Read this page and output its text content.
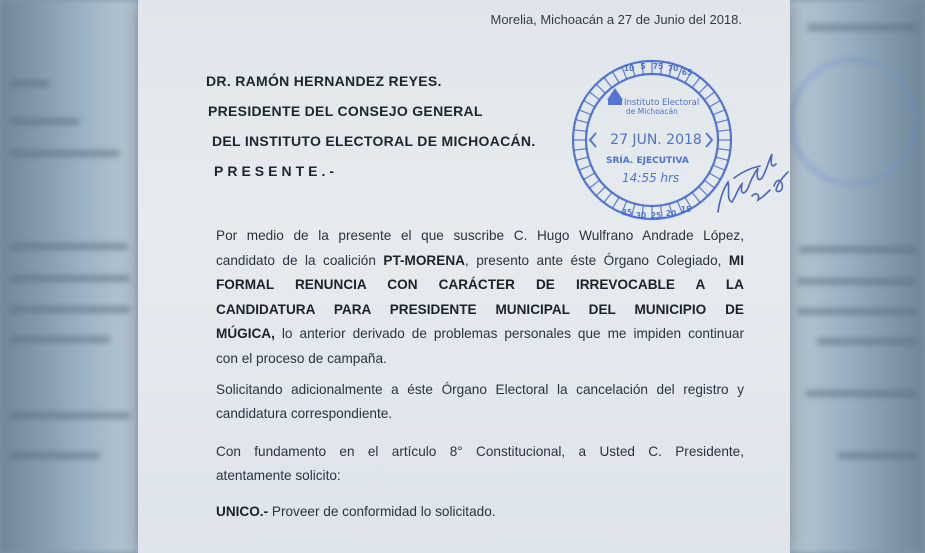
Morelia, Michoacán a 27 de Junio del 2018.
DR. RAMÓN HERNANDEZ REYES.
PRESIDENTE DEL CONSEJO GENERAL
DEL INSTITUTO ELECTORAL DE MICHOACÁN.
PRESENTE.-
10 5 75 70 65
35 30 25 20 15
Instituto Electoral
de Michoacán
27 JUN. 2018
SRÍA. EJECUTIVA
14:55 hrs
Por medio de la presente el que suscribe C. Hugo Wulfrano Andrade López,
candidato de la coalición PT-MORENA, presento ante éste Órgano Colegiado, MI
FORMAL RENUNCIA CON CARÁCTER DE IRREVOCABLE A LA
CANDIDATURA PARA PRESIDENTE MUNICIPAL DEL MUNICIPIO DE
MÚGICA, lo anterior derivado de problemas personales que me impiden continuar
con el proceso de campaña.
Solicitando adicionalmente a éste Órgano Electoral la cancelación del registro y
candidatura correspondiente.
Con fundamento en el artículo 8° Constitucional, a Usted C. Presidente,
atentamente solicito:
UNICO.- Proveer de conformidad lo solicitado.
